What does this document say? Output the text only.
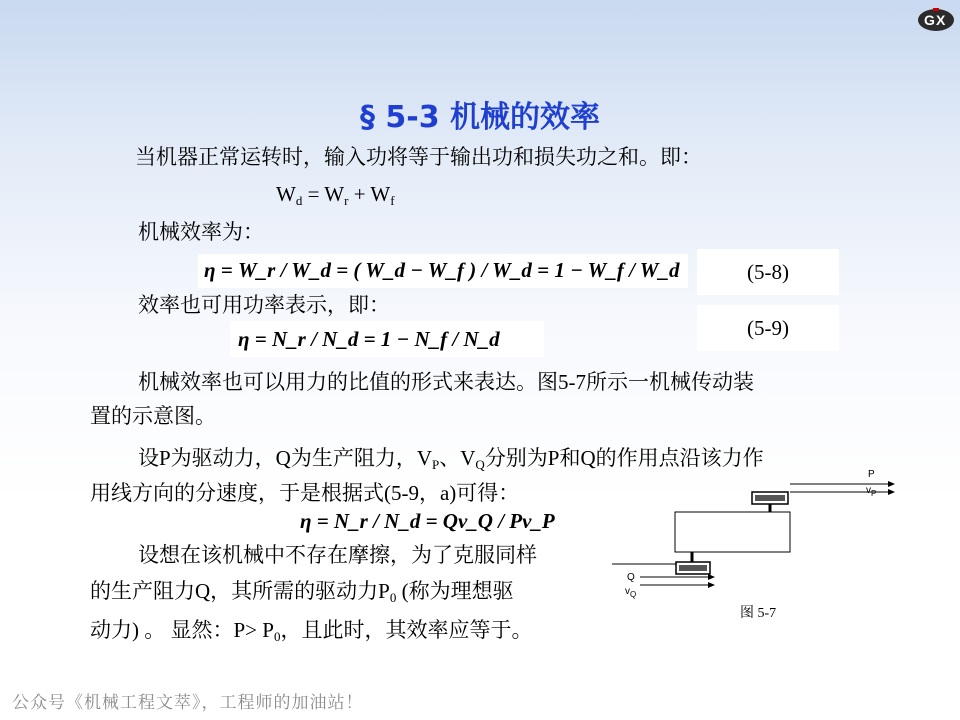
G X
§ 5-3 机械的效率
当机器正常运转时，输入功将等于输出功和损失功之和。即：
$W_d = W_r + W_f$
机械效率为：
η = W_r / W_d = ( W_d − W_f ) / W_d = 1 − W_f / W_d	(5-8)
效率也可用功率表示，即：
η = N_r / N_d = 1 − N_f / N_d	(5-9)
机械效率也可以用力的比值的形式来表达。图5-7所示一机械传动装
置的示意图。
设P为驱动力，Q为生产阻力，$V_P$、$V_Q$分别为P和Q的作用点沿该力作
用线方向的分速度，于是根据式(5-9，a)可得：
η = N_r / N_d = Qv_Q / Pv_P
设想在该机械中不存在摩擦，为了克服同样
的生产阻力Q，其所需的驱动力$P_0$ (称为理想驱
动力) 。 显然：$P> P_0$，且此时，其效率应等于。
P
$v_P$
Q
$v_Q$
图 5-7
公众号《机械工程文萃》，工程师的加油站！
